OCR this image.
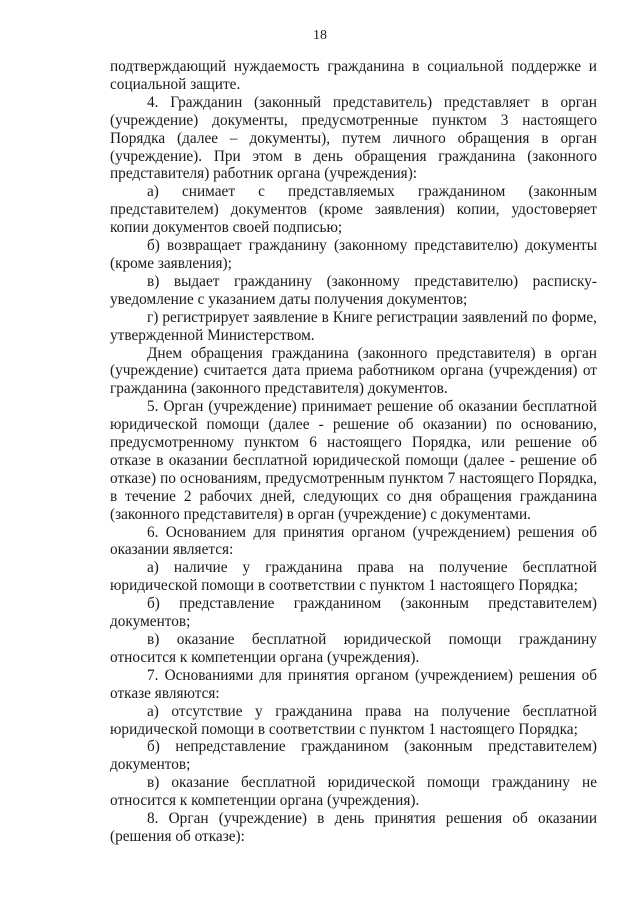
18

подтверждающий нуждаемость гражданина в социальной поддержке и социальной защите.

4. Гражданин (законный представитель) представляет в орган (учреждение) документы, предусмотренные пунктом 3 настоящего Порядка (далее – документы), путем личного обращения в орган (учреждение). При этом в день обращения гражданина (законного представителя) работник органа (учреждения):

а) снимает с представляемых гражданином (законным представителем) документов (кроме заявления) копии, удостоверяет копии документов своей подписью;

б) возвращает гражданину (законному представителю) документы (кроме заявления);

в) выдает гражданину (законному представителю) расписку-уведомление с указанием даты получения документов;

г) регистрирует заявление в Книге регистрации заявлений по форме, утвержденной Министерством.

Днем обращения гражданина (законного представителя) в орган (учреждение) считается дата приема работником органа (учреждения) от гражданина (законного представителя) документов.

5. Орган (учреждение) принимает решение об оказании бесплатной юридической помощи (далее - решение об оказании) по основанию, предусмотренному пунктом 6 настоящего Порядка, или решение об отказе в оказании бесплатной юридической помощи (далее - решение об отказе) по основаниям, предусмотренным пунктом 7 настоящего Порядка, в течение 2 рабочих дней, следующих со дня обращения гражданина (законного представителя) в орган (учреждение) с документами.

6. Основанием для принятия органом (учреждением) решения об оказании является:

а) наличие у гражданина права на получение бесплатной юридической помощи в соответствии с пунктом 1 настоящего Порядка;

б) представление гражданином (законным представителем) документов;

в) оказание бесплатной юридической помощи гражданину относится к компетенции органа (учреждения).

7. Основаниями для принятия органом (учреждением) решения об отказе являются:

а) отсутствие у гражданина права на получение бесплатной юридической помощи в соответствии с пунктом 1 настоящего Порядка;

б) непредставление гражданином (законным представителем) документов;

в) оказание бесплатной юридической помощи гражданину не относится к компетенции органа (учреждения).

8. Орган (учреждение) в день принятия решения об оказании (решения об отказе):
